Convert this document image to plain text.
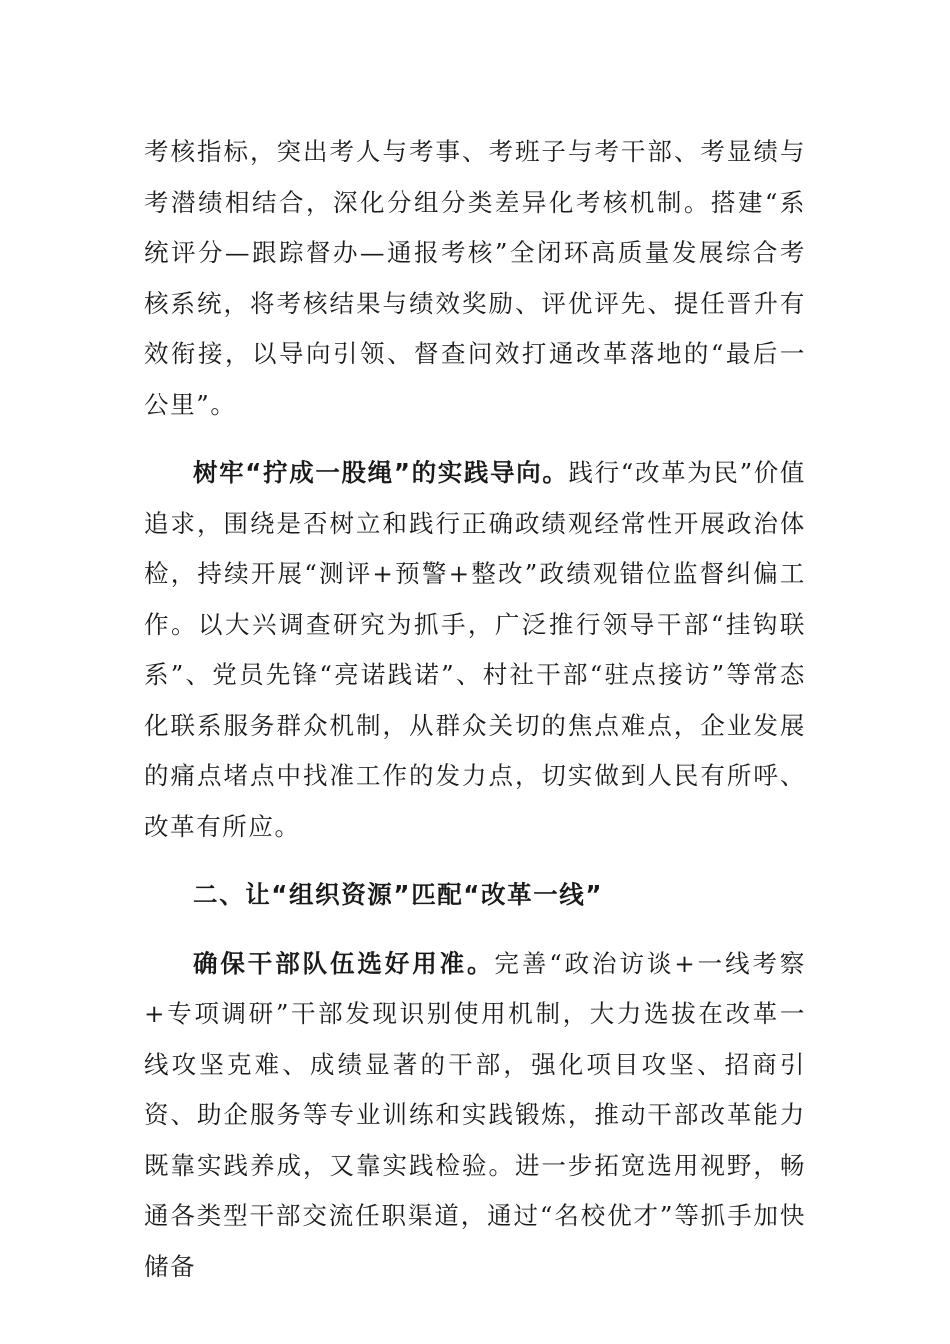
考核指标，突出考人与考事、考班子与考干部、考显绩与考潜绩相结合，深化分组分类差异化考核机制。搭建“系统评分—跟踪督办—通报考核”全闭环高质量发展综合考核系统，将考核结果与绩效奖励、评优评先、提任晋升有效衔接，以导向引领、督查问效打通改革落地的“最后一公里”。

树牢“拧成一股绳”的实践导向。践行“改革为民”价值追求，围绕是否树立和践行正确政绩观经常性开展政治体检，持续开展“测评+预警+整改”政绩观错位监督纠偏工作。以大兴调查研究为抓手，广泛推行领导干部“挂钩联系”、党员先锋“亮诺践诺”、村社干部“驻点接访”等常态化联系服务群众机制，从群众关切的焦点难点，企业发展的痛点堵点中找准工作的发力点，切实做到人民有所呼、改革有所应。

二、让“组织资源”匹配“改革一线”

确保干部队伍选好用准。完善“政治访谈+一线考察+专项调研”干部发现识别使用机制，大力选拔在改革一线攻坚克难、成绩显著的干部，强化项目攻坚、招商引资、助企服务等专业训练和实践锻炼，推动干部改革能力既靠实践养成，又靠实践检验。进一步拓宽选用视野，畅通各类型干部交流任职渠道，通过“名校优才”等抓手加快储备
